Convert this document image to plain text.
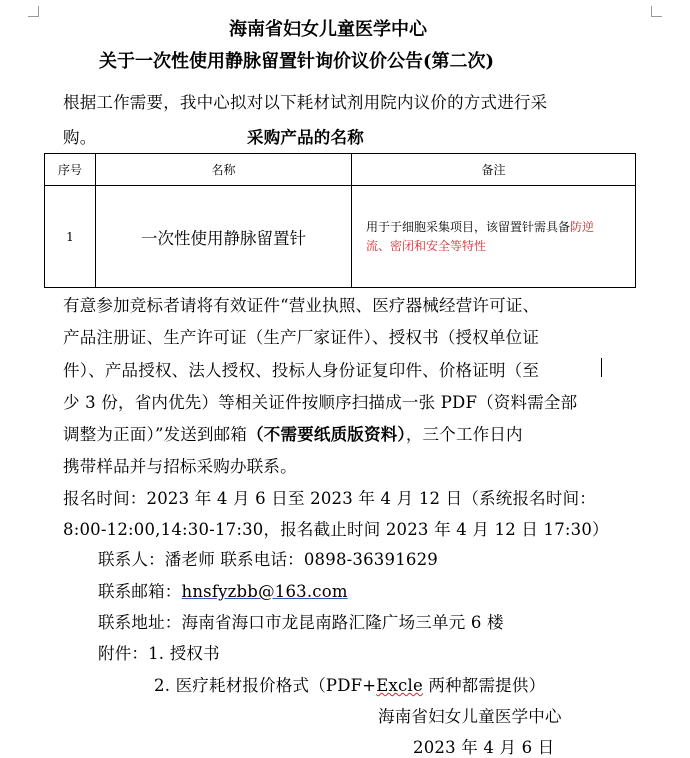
海南省妇女儿童医学中心
关于一次性使用静脉留置针询价议价公告(第二次)
根据工作需要，我中心拟对以下耗材试剂用院内议价的方式进行采
购。	采购产品的名称
序号	名称	备注
1	一次性使用静脉留置针	用于于细胞采集项目，该留置针需具备防逆
流、密闭和安全等特性
有意参加竞标者请将有效证件“营业执照、医疗器械经营许可证、
产品注册证、生产许可证（生产厂家证件）、授权书（授权单位证
件）、产品授权、法人授权、投标人身份证复印件、价格证明（至
少 3 份，省内优先）等相关证件按顺序扫描成一张 PDF（资料需全部
调整为正面）”发送到邮箱（不需要纸质版资料），三个工作日内
携带样品并与招标采购办联系。
报名时间：2023 年 4 月 6 日至 2023 年 4 月 12 日（系统报名时间：
8:00-12:00,14:30-17:30，报名截止时间 2023 年 4 月 12 日 17:30）
联系人：潘老师 联系电话：0898-36391629
联系邮箱：hnsfyzbb@163.com
联系地址：海南省海口市龙昆南路汇隆广场三单元 6 楼
附件：1. 授权书
2. 医疗耗材报价格式（PDF+Excle 两种都需提供）
海南省妇女儿童医学中心
2023 年 4 月 6 日
